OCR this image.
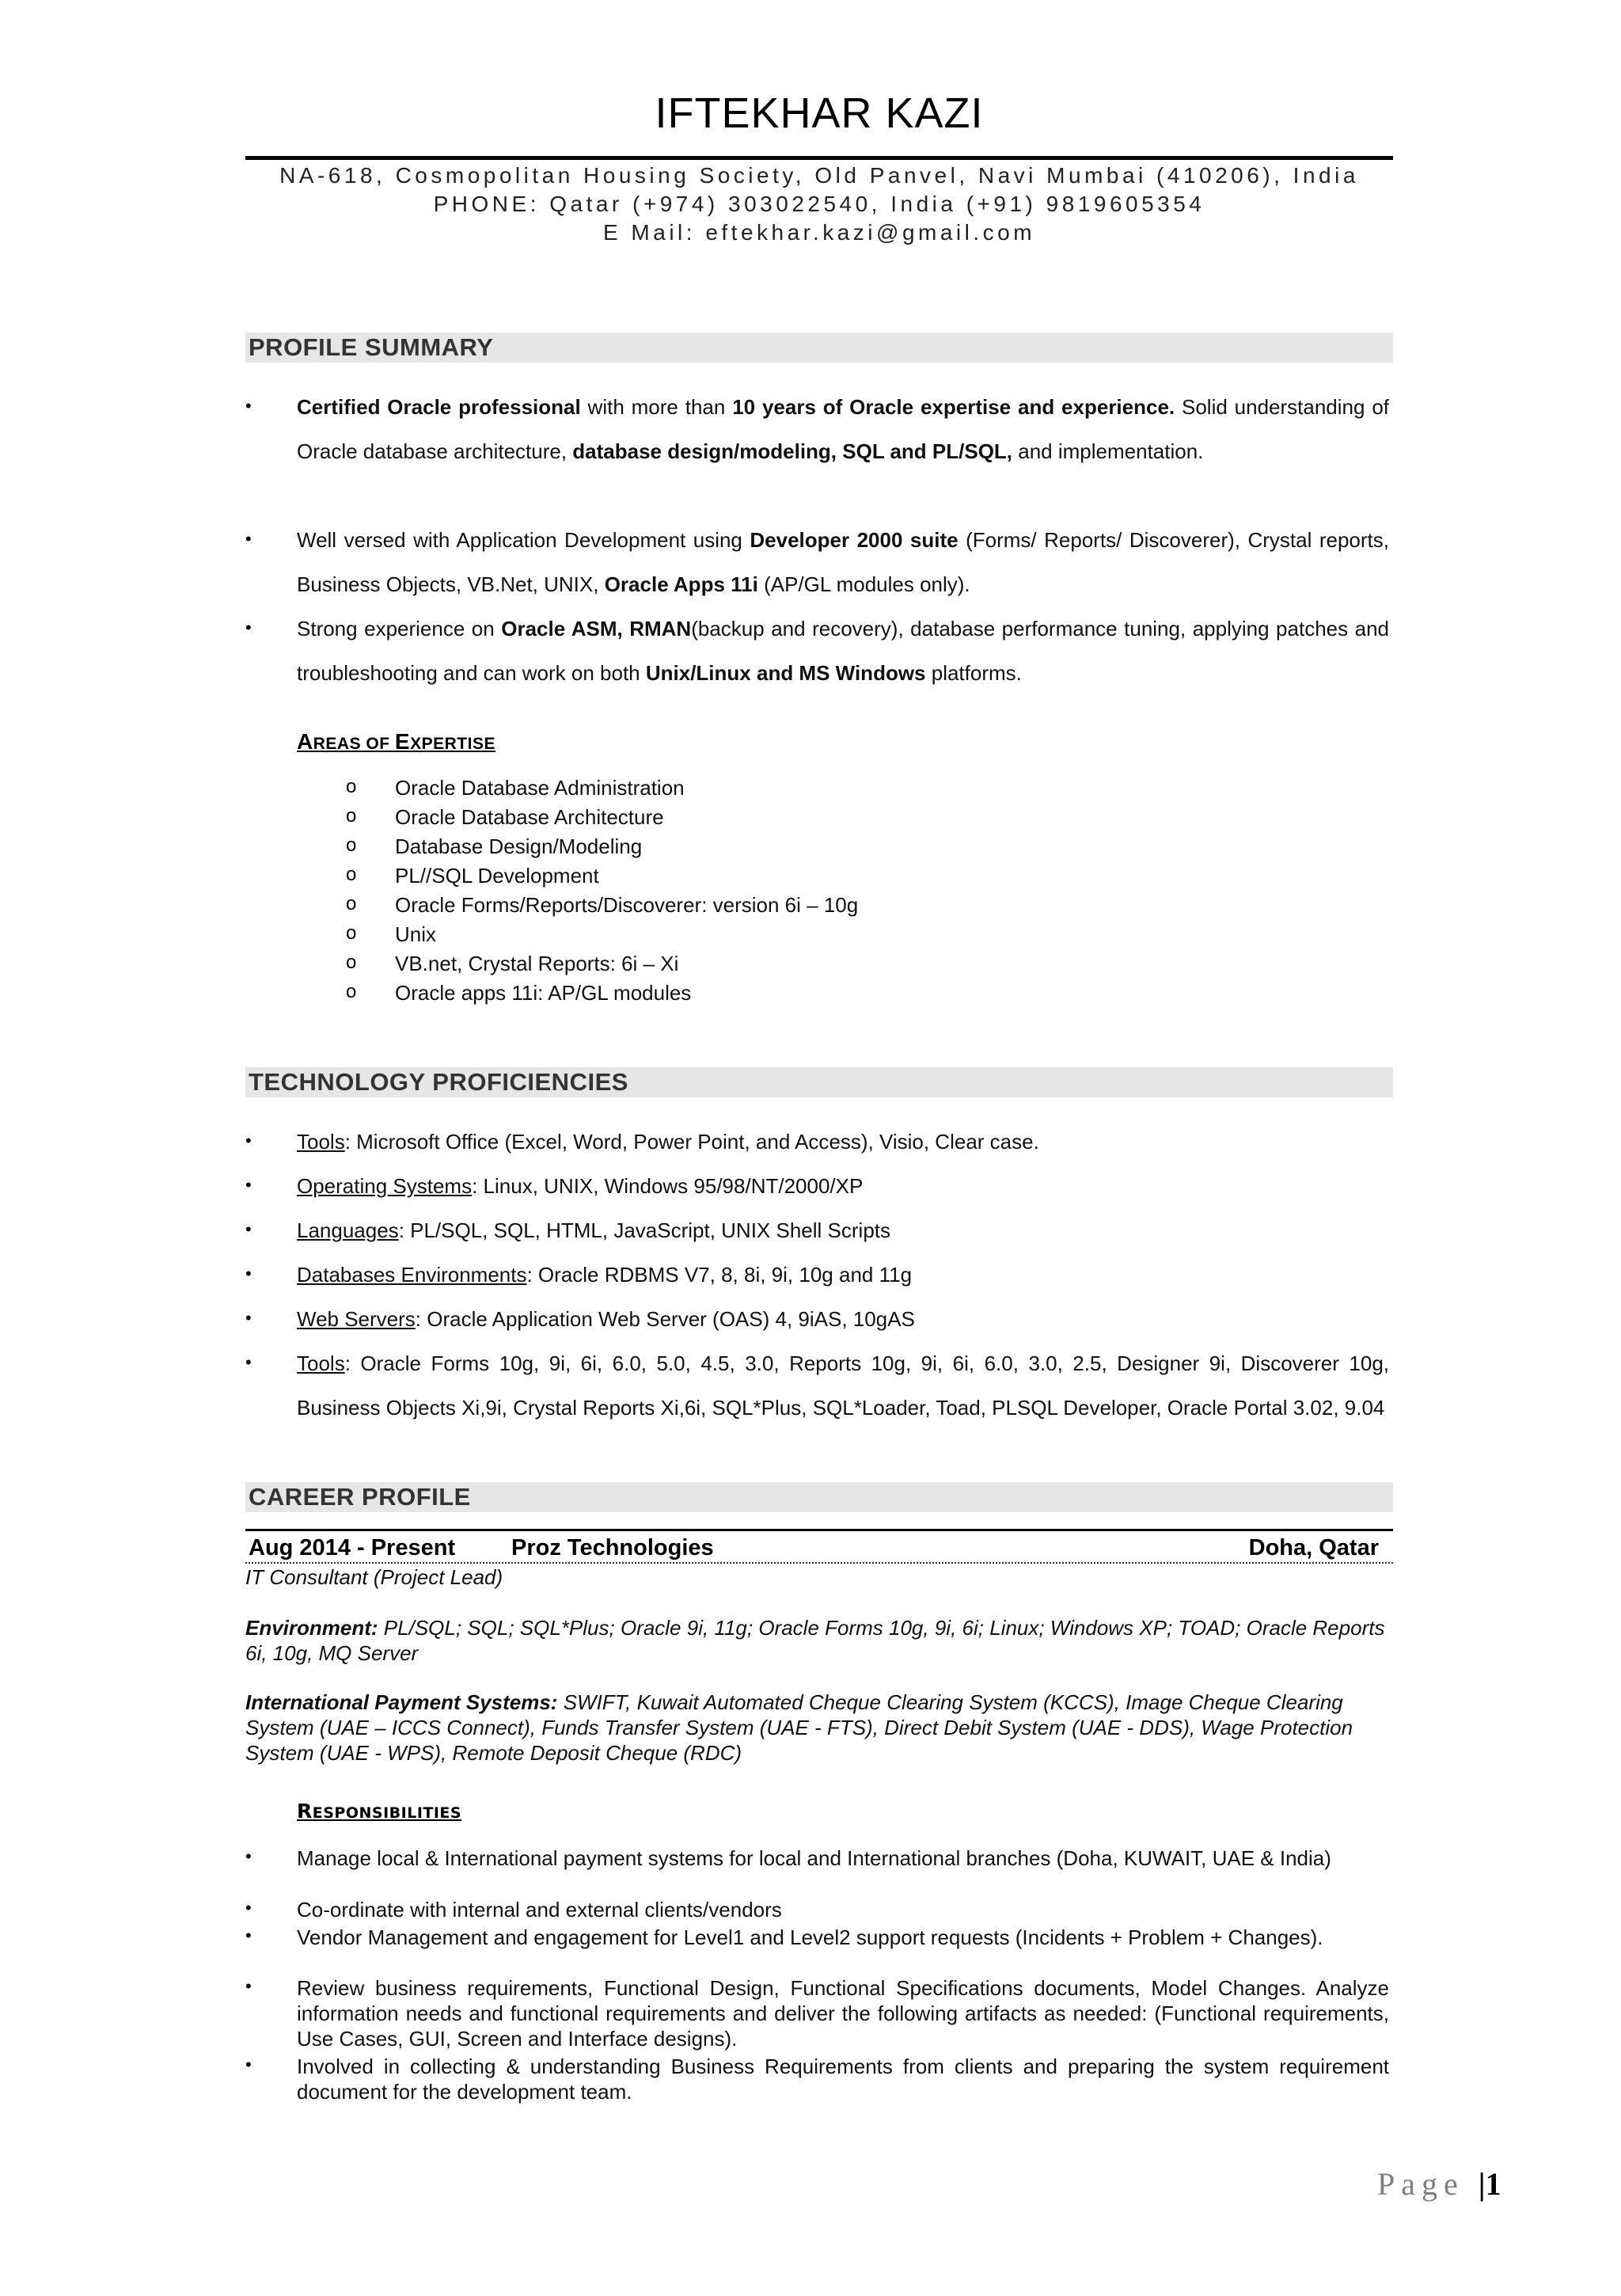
IFTEKHAR KAZI
NA-618, Cosmopolitan Housing Society, Old Panvel, Navi Mumbai (410206), India
PHONE: Qatar (+974) 303022540, India (+91) 9819605354
E Mail: eftekhar.kazi@gmail.com
PROFILE SUMMARY
• Certified Oracle professional with more than 10 years of Oracle expertise and experience. Solid understanding of Oracle database architecture, database design/modeling, SQL and PL/SQL, and implementation.
• Well versed with Application Development using Developer 2000 suite (Forms/ Reports/ Discoverer), Crystal reports, Business Objects, VB.Net, UNIX, Oracle Apps 11i (AP/GL modules only).
• Strong experience on Oracle ASM, RMAN(backup and recovery), database performance tuning, applying patches and troubleshooting and can work on both Unix/Linux and MS Windows platforms.
AREAS OF EXPERTISE
o Oracle Database Administration
o Oracle Database Architecture
o Database Design/Modeling
o PL//SQL Development
o Oracle Forms/Reports/Discoverer: version 6i – 10g
o Unix
o VB.net, Crystal Reports: 6i – Xi
o Oracle apps 11i: AP/GL modules
TECHNOLOGY PROFICIENCIES
• Tools: Microsoft Office (Excel, Word, Power Point, and Access), Visio, Clear case.
• Operating Systems: Linux, UNIX, Windows 95/98/NT/2000/XP
• Languages: PL/SQL, SQL, HTML, JavaScript, UNIX Shell Scripts
• Databases Environments: Oracle RDBMS V7, 8, 8i, 9i, 10g and 11g
• Web Servers: Oracle Application Web Server (OAS) 4, 9iAS, 10gAS
• Tools: Oracle Forms 10g, 9i, 6i, 6.0, 5.0, 4.5, 3.0, Reports 10g, 9i, 6i, 6.0, 3.0, 2.5, Designer 9i, Discoverer 10g, Business Objects Xi,9i, Crystal Reports Xi,6i, SQL*Plus, SQL*Loader, Toad, PLSQL Developer, Oracle Portal 3.02, 9.04
CAREER PROFILE
Aug 2014 - Present Proz Technologies	Doha, Qatar
IT Consultant (Project Lead)
Environment: PL/SQL; SQL; SQL*Plus; Oracle 9i, 11g; Oracle Forms 10g, 9i, 6i; Linux; Windows XP; TOAD; Oracle Reports 6i, 10g, MQ Server
International Payment Systems: SWIFT, Kuwait Automated Cheque Clearing System (KCCS), Image Cheque Clearing System (UAE – ICCS Connect), Funds Transfer System (UAE - FTS), Direct Debit System (UAE - DDS), Wage Protection System (UAE - WPS), Remote Deposit Cheque (RDC)
RESPONSIBILITIES
• Manage local & International payment systems for local and International branches (Doha, KUWAIT, UAE & India)
• Co-ordinate with internal and external clients/vendors
• Vendor Management and engagement for Level1 and Level2 support requests (Incidents + Problem + Changes).
• Review business requirements, Functional Design, Functional Specifications documents, Model Changes. Analyze information needs and functional requirements and deliver the following artifacts as needed: (Functional requirements, Use Cases, GUI, Screen and Interface designs).
• Involved in collecting & understanding Business Requirements from clients and preparing the system requirement document for the development team.
Page |1
